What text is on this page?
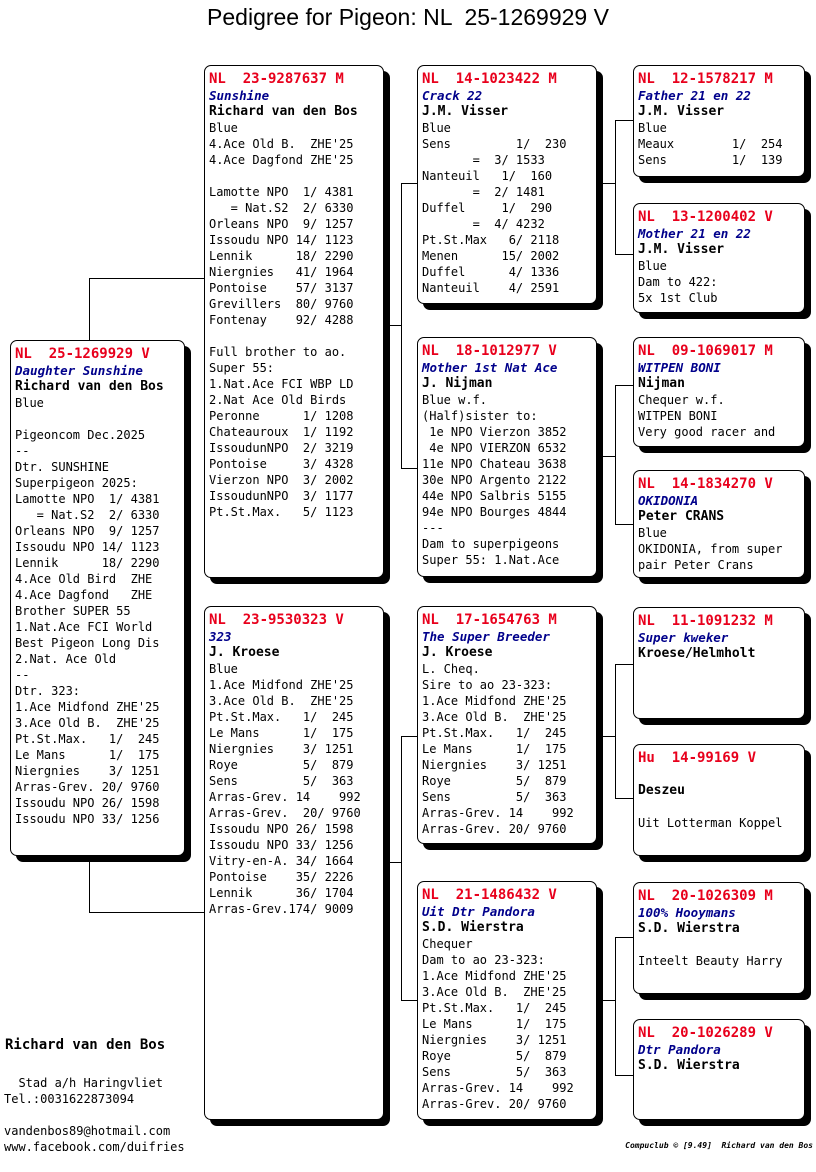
Pedigree for Pigeon: NL  25-1269929 V
NL  25-1269929 V
Daughter Sunshine
Richard van den Bos
Blue
Pigeoncom Dec.2025
--
Dtr. SUNSHINE
Superpigeon 2025:
Lamotte NPO  1/ 4381
= Nat.S2  2/ 6330
Orleans NPO  9/ 1257
Issoudu NPO 14/ 1123
Lennik      18/ 2290
4.Ace Old Bird  ZHE
4.Ace Dagfond   ZHE
Brother SUPER 55
1.Nat.Ace FCI World
Best Pigeon Long Dis
2.Nat. Ace Old
--
Dtr. 323:
1.Ace Midfond ZHE'25
3.Ace Old B.  ZHE'25
Pt.St.Max.   1/  245
Le Mans      1/  175
Niergnies    3/ 1251
Arras-Grev. 20/ 9760
Issoudu NPO 26/ 1598
Issoudu NPO 33/ 1256
NL  23-9287637 M
Sunshine
Richard van den Bos
Blue
4.Ace Old B.  ZHE'25
4.Ace Dagfond ZHE'25
Lamotte NPO  1/ 4381
= Nat.S2  2/ 6330
Orleans NPO  9/ 1257
Issoudu NPO 14/ 1123
Lennik      18/ 2290
Niergnies   41/ 1964
Pontoise    57/ 3137
Grevillers  80/ 9760
Fontenay    92/ 4288
Full brother to ao.
Super 55:
1.Nat.Ace FCI WBP LD
2.Nat Ace Old Birds
Peronne      1/ 1208
Chateauroux  1/ 1192
IssoudunNPO  2/ 3219
Pontoise     3/ 4328
Vierzon NPO  3/ 2002
IssoudunNPO  3/ 1177
Pt.St.Max.   5/ 1123
NL  23-9530323 V
323
J. Kroese
Blue
1.Ace Midfond ZHE'25
3.Ace Old B.  ZHE'25
Pt.St.Max.   1/  245
Le Mans      1/  175
Niergnies    3/ 1251
Roye         5/  879
Sens         5/  363
Arras-Grev. 14    992
Arras-Grev.  20/ 9760
Issoudu NPO 26/ 1598
Issoudu NPO 33/ 1256
Vitry-en-A. 34/ 1664
Pontoise    35/ 2226
Lennik      36/ 1704
Arras-Grev.174/ 9009
NL  14-1023422 M
Crack 22
J.M. Visser
Blue
Sens         1/  230
=  3/ 1533
Nanteuil   1/  160
=  2/ 1481
Duffel     1/  290
=  4/ 4232
Pt.St.Max   6/ 2118
Menen      15/ 2002
Duffel      4/ 1336
Nanteuil    4/ 2591
NL  18-1012977 V
Mother 1st Nat Ace
J. Nijman
Blue w.f.
(Half)sister to:
1e NPO Vierzon 3852
4e NPO VIERZON 6532
11e NPO Chateau 3638
30e NPO Argento 2122
44e NPO Salbris 5155
94e NPO Bourges 4844
---
Dam to superpigeons
Super 55: 1.Nat.Ace
NL  17-1654763 M
The Super Breeder
J. Kroese
L. Cheq.
Sire to ao 23-323:
1.Ace Midfond ZHE'25
3.Ace Old B.  ZHE'25
Pt.St.Max.   1/  245
Le Mans      1/  175
Niergnies    3/ 1251
Roye         5/  879
Sens         5/  363
Arras-Grev. 14    992
Arras-Grev. 20/ 9760
NL  21-1486432 V
Uit Dtr Pandora
S.D. Wierstra
Chequer
Dam to ao 23-323:
1.Ace Midfond ZHE'25
3.Ace Old B.  ZHE'25
Pt.St.Max.   1/  245
Le Mans      1/  175
Niergnies    3/ 1251
Roye         5/  879
Sens         5/  363
Arras-Grev. 14    992
Arras-Grev. 20/ 9760
NL  12-1578217 M
Father 21 en 22
J.M. Visser
Blue
Meaux        1/  254
Sens         1/  139
NL  13-1200402 V
Mother 21 en 22
J.M. Visser
Blue
Dam to 422:
5x 1st Club
NL  09-1069017 M
WITPEN BONI
Nijman
Chequer w.f.
WITPEN BONI
Very good racer and
NL  14-1834270 V
OKIDONIA
Peter CRANS
Blue
OKIDONIA, from super
pair Peter Crans
NL  11-1091232 M
Super kweker
Kroese/Helmholt
Hu  14-99169 V
Deszeu
Uit Lotterman Koppel
NL  20-1026309 M
100% Hooymans
S.D. Wierstra
Inteelt Beauty Harry
NL  20-1026289 V
Dtr Pandora
S.D. Wierstra
Richard van den Bos
Stad a/h Haringvliet
Tel.:0031622873094
vandenbos89@hotmail.com
www.facebook.com/duifries	Compuclub © [9.49]  Richard van den Bos
